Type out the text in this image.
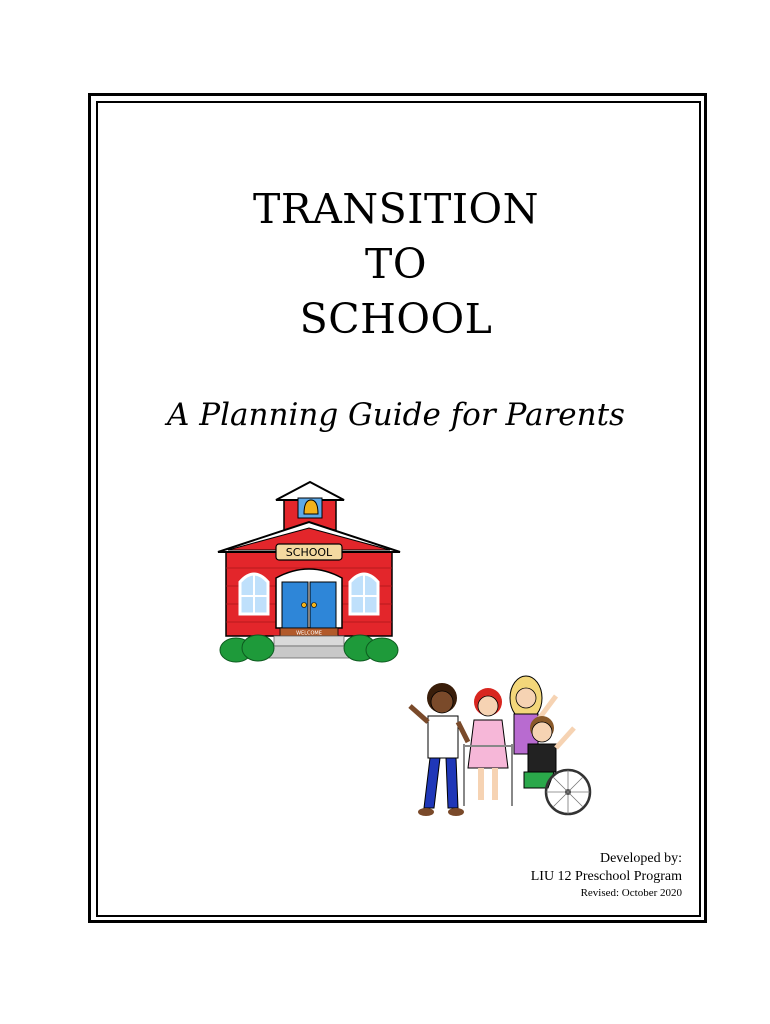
TRANSITION
TO
SCHOOL
A Planning Guide for Parents
SCHOOL
WELCOME
Developed by:
LIU 12 Preschool Program
Revised: October 2020
